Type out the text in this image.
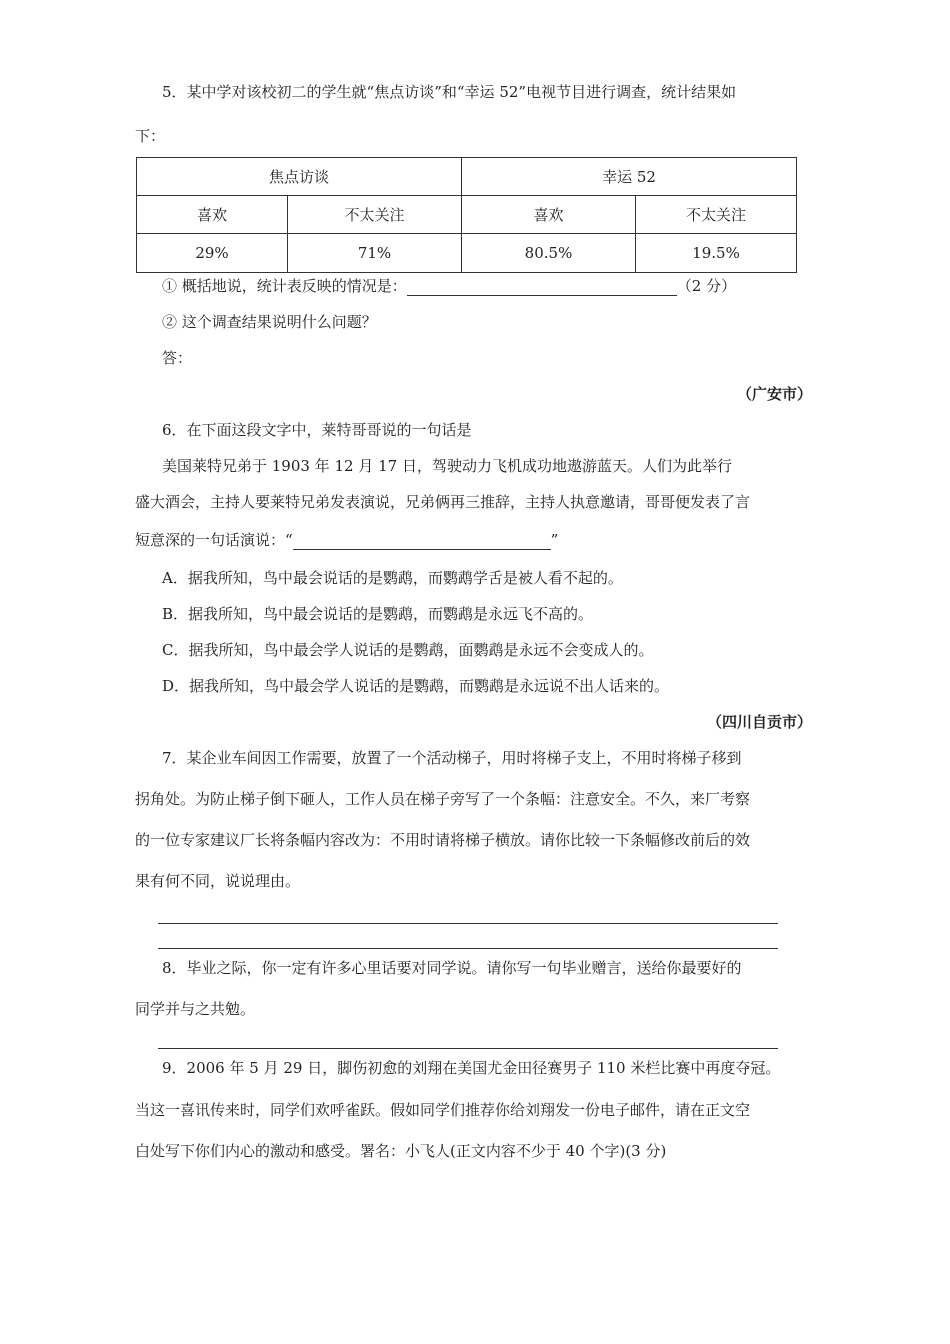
5．某中学对该校初二的学生就“焦点访谈”和“幸运 52”电视节目进行调查，统计结果如
下：
焦点访谈		幸运 52	
喜欢	不太关注	喜欢	不太关注
29%	71%	80.5%	19.5%
① 概括地说，统计表反映的情况是：	（2 分）
② 这个调查结果说明什么问题？
答：
（广安市）
6．在下面这段文字中，莱特哥哥说的一句话是
美国莱特兄弟于 1903 年 12 月 17 日，驾驶动力飞机成功地遨游蓝天。人们为此举行
盛大酒会，主持人要莱特兄弟发表演说，兄弟俩再三推辞，主持人执意邀请，哥哥便发表了言
短意深的一句话演说：“	”
A．据我所知，鸟中最会说话的是鹦鹉，而鹦鹉学舌是被人看不起的。
B．据我所知，鸟中最会说话的是鹦鹉，而鹦鹉是永远飞不高的。
C．据我所知，鸟中最会学人说话的是鹦鹉，面鹦鹉是永远不会变成人的。
D．据我所知，鸟中最会学人说话的是鹦鹉，而鹦鹉是永远说不出人话来的。
（四川自贡市）
7．某企业车间因工作需要，放置了一个活动梯子，用时将梯子支上，不用时将梯子移到
拐角处。为防止梯子倒下砸人，工作人员在梯子旁写了一个条幅：注意安全。不久，来厂考察
的一位专家建议厂长将条幅内容改为：不用时请将梯子横放。请你比较一下条幅修改前后的效
果有何不同，说说理由。
8．毕业之际，你一定有许多心里话要对同学说。请你写一句毕业赠言，送给你最要好的
同学并与之共勉。
9．2006 年 5 月 29 日，脚伤初愈的刘翔在美国尤金田径赛男子 110 米栏比赛中再度夺冠。
当这一喜讯传来时，同学们欢呼雀跃。假如同学们推荐你给刘翔发一份电子邮件，请在正文空
白处写下你们内心的激动和感受。署名：小飞人(正文内容不少于 40 个字)(3 分)
